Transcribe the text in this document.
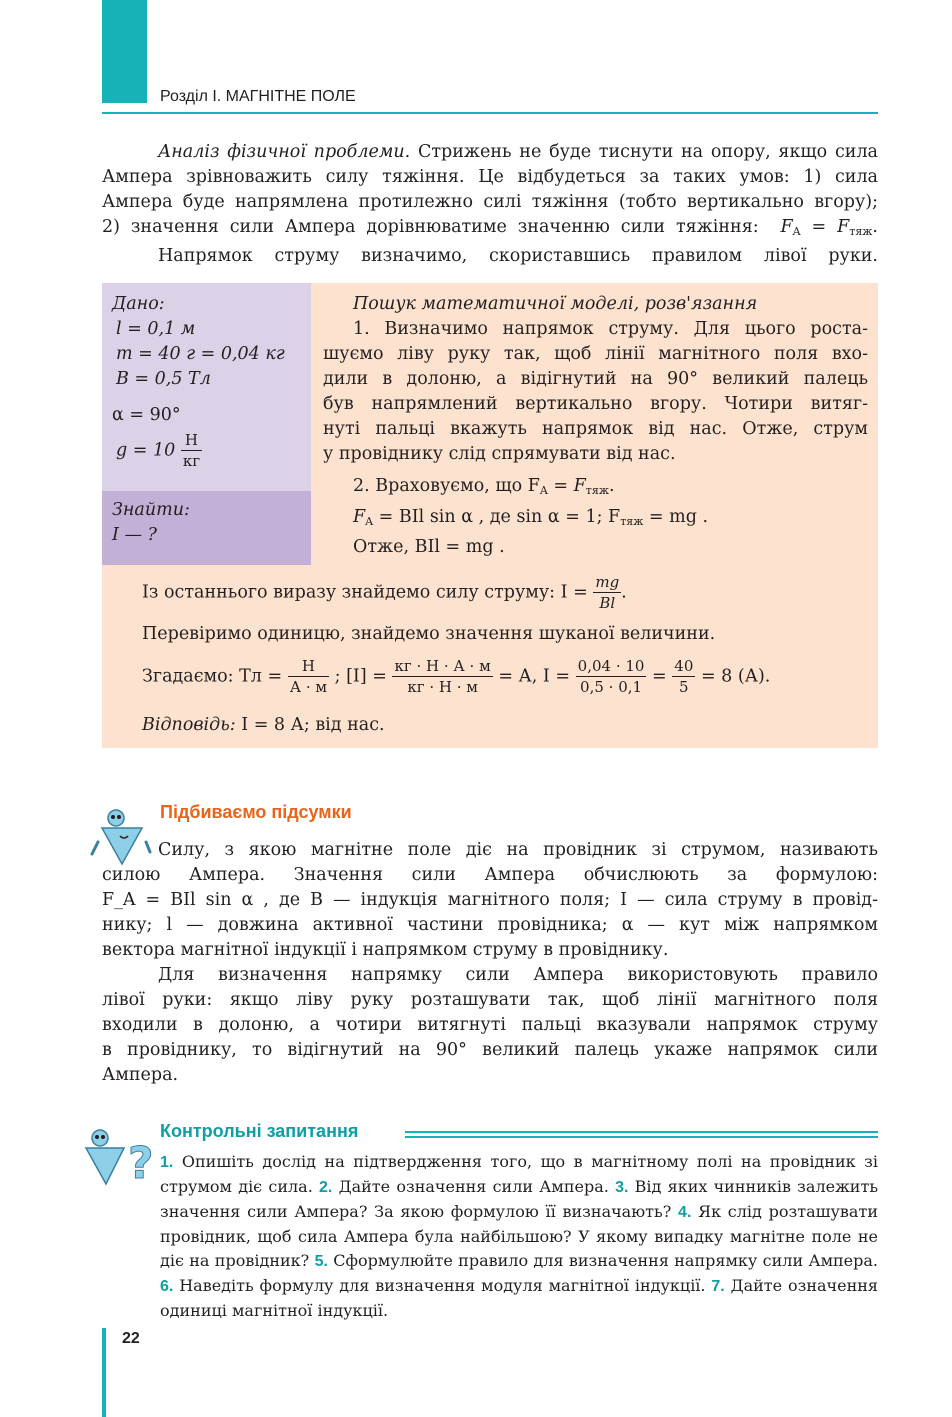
Розділ І. МАГНІТНЕ ПОЛЕ
Аналіз фізичної проблеми. Стрижень не буде тиснути на опору, якщо сила
Ампера зрівноважить силу тяжіння. Це відбудеться за таких умов: 1) сила
Ампера буде напрямлена протилежно силі тяжіння (тобто вертикально вгору);
2) значення сили Ампера дорівнюватиме значенню сили тяжіння: $F_A = F_{тяж}$.
Напрямок струму визначимо, скориставшись правилом лівої руки.
Дано:
l = 0,1 м
m = 40 г = 0,04 кг
B = 0,5 Тл
α = 90°
$g = 10 \frac{Н}{кг}$
Знайти:
I — ?
Пошук математичної моделі, розв'язання
1. Визначимо напрямок струму. Для цього роста-
шуємо ліву руку так, щоб лінії магнітного поля вхо-
дили в долоню, а відігнутий на 90° великий палець
був напрямлений вертикально вгору. Чотири витяг-
нуті пальці вкажуть напрямок від нас. Отже, струм
у провіднику слід спрямувати від нас.
2. Враховуємо, що $F_A = F_{тяж}$.
$F_A$ = BIl sin α , де sin α = 1; $F_{тяж}$ = mg .
Отже, BIl = mg .
Із останнього виразу знайдемо силу струму: $I = \frac{mg}{Bl}$ .
Перевіримо одиницю, знайдемо значення шуканої величини.
Згадаємо: Тл = $\frac{Н}{А \cdot м}$ ; $[I] = \frac{кг \cdot Н \cdot А \cdot м}{кг \cdot Н \cdot м} = А$, $I = \frac{0,04 \cdot 10}{0,5 \cdot 0,1} = \frac{40}{5} = 8$ (А).
Відповідь: I = 8 А; від нас.
Підбиваємо підсумки
Силу, з якою магнітне поле діє на провідник зі струмом, називають
силою Ампера. Значення сили Ампера обчислюють за формулою:
F_A = BIl sin α , де B — індукція магнітного поля; I — сила струму в провід-
нику; l — довжина активної частини провідника; α — кут між напрямком
вектора магнітної індукції і напрямком струму в провіднику.
Для визначення напрямку сили Ампера використовують правило
лівої руки: якщо ліву руку розташувати так, щоб лінії магнітного поля
входили в долоню, а чотири витягнуті пальці вказували напрямок струму
в провіднику, то відігнутий на 90° великий палець укаже напрямок сили
Ампера.
?
Контрольні запитання
1. Опишіть дослід на підтвердження того, що в магнітному полі на провідник зі струмом діє сила. 2. Дайте означення сили Ампера. 3. Від яких чинників залежить значення сили Ампера? За якою формулою її визначають? 4. Як слід розташувати провідник, щоб сила Ампера була найбільшою? У якому випадку магнітне поле не діє на провідник? 5. Сформулюйте правило для визначення напрямку сили Ампера. 6. Наведіть формулу для визначення модуля магнітної індукції. 7. Дайте означення одиниці магнітної індукції.
22
